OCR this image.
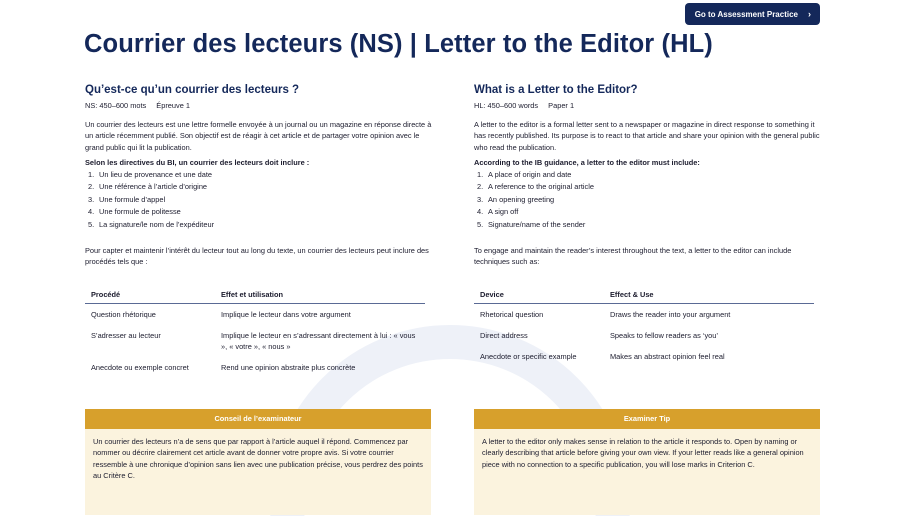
Go to Assessment Practice ›
Courrier des lecteurs (NS) | Letter to the Editor (HL)
Qu’est-ce qu’un courrier des lecteurs ?
NS: 450–600 mots Épreuve 1

Un courrier des lecteurs est une lettre formelle envoyée à un journal ou un magazine en réponse directe à un article récemment publié. Son objectif est de réagir à cet article et de partager votre opinion avec le grand public qui lit la publication.

Selon les directives du BI, un courrier des lecteurs doit inclure :

1. Un lieu de provenance et une date
2. Une référence à l’article d’origine
3. Une formule d’appel
4. Une formule de politesse
5. La signature/le nom de l’expéditeur

Pour capter et maintenir l’intérêt du lecteur tout au long du texte, un courrier des lecteurs peut inclure des procédés tels que :

Procédé	Effet et utilisation
Question rhétorique	Implique le lecteur dans votre argument
S’adresser au lecteur	Implique le lecteur en s’adressant directement à lui : « vous », « votre », « nous »
Anecdote ou exemple concret	Rend une opinion abstraite plus concrète
What is a Letter to the Editor?
HL: 450–600 words Paper 1

A letter to the editor is a formal letter sent to a newspaper or magazine in direct response to something it has recently published. Its purpose is to react to that article and share your opinion with the general public who read the publication.

According to the IB guidance, a letter to the editor must include:

1. A place of origin and date
2. A reference to the original article
3. An opening greeting
4. A sign off
5. Signature/name of the sender

To engage and maintain the reader’s interest throughout the text, a letter to the editor can include techniques such as:

Device	Effect & Use
Rhetorical question	Draws the reader into your argument
Direct address	Speaks to fellow readers as ‘you’
Anecdote or specific example	Makes an abstract opinion feel real
Conseil de l’examinateur
Un courrier des lecteurs n’a de sens que par rapport à l’article auquel il répond. Commencez par nommer ou décrire clairement cet article avant de donner votre propre avis. Si votre courrier ressemble à une chronique d’opinion sans lien avec une publication précise, vous perdrez des points au Critère C.
Examiner Tip
A letter to the editor only makes sense in relation to the article it responds to. Open by naming or clearly describing that article before giving your own view. If your letter reads like a general opinion piece with no connection to a specific publication, you will lose marks in Criterion C.
